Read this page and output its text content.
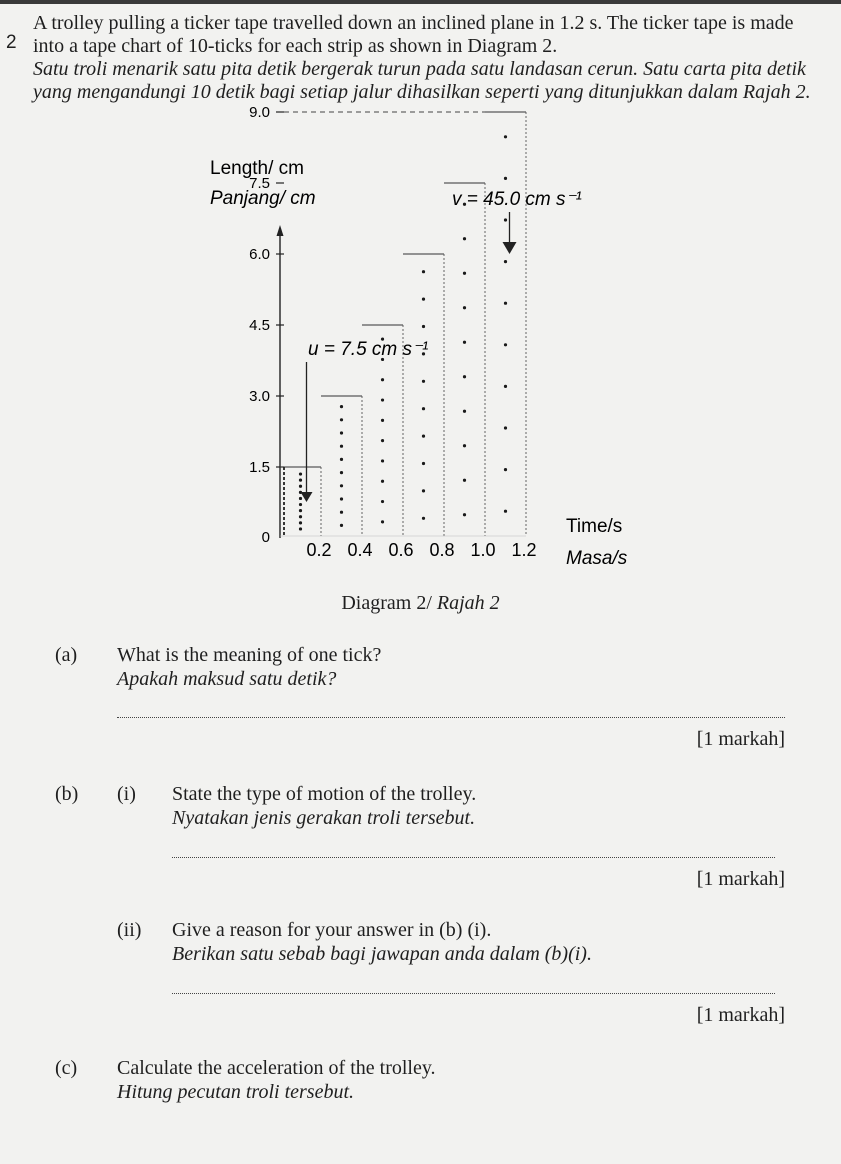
2
A trolley pulling a ticker tape travelled down an inclined plane in 1.2 s. The ticker tape is made into a tape chart of 10-ticks for each strip as shown in Diagram 2.
Satu troli menarik satu pita detik bergerak turun pada satu landasan cerun. Satu carta pita detik yang mengandungi 10 detik bagi setiap jalur dihasilkan seperti yang ditunjukkan dalam Rajah 2.
Length/ cm
Panjang/ cm
Time/s
Masa/s
9.0
7.5
6.0
4.5
3.0
1.5
0
0.2 0.4 0.6 0.8 1.0 1.2
u = 7.5 cm s⁻¹
v = 45.0 cm s⁻¹
Diagram 2/ Rajah 2
(a) What is the meaning of one tick?
Apakah maksud satu detik?
[1 markah]
(b) (i) State the type of motion of the trolley.
Nyatakan jenis gerakan troli tersebut.
[1 markah]
(ii) Give a reason for your answer in (b) (i).
Berikan satu sebab bagi jawapan anda dalam (b)(i).
[1 markah]
(c) Calculate the acceleration of the trolley.
Hitung pecutan troli tersebut.
